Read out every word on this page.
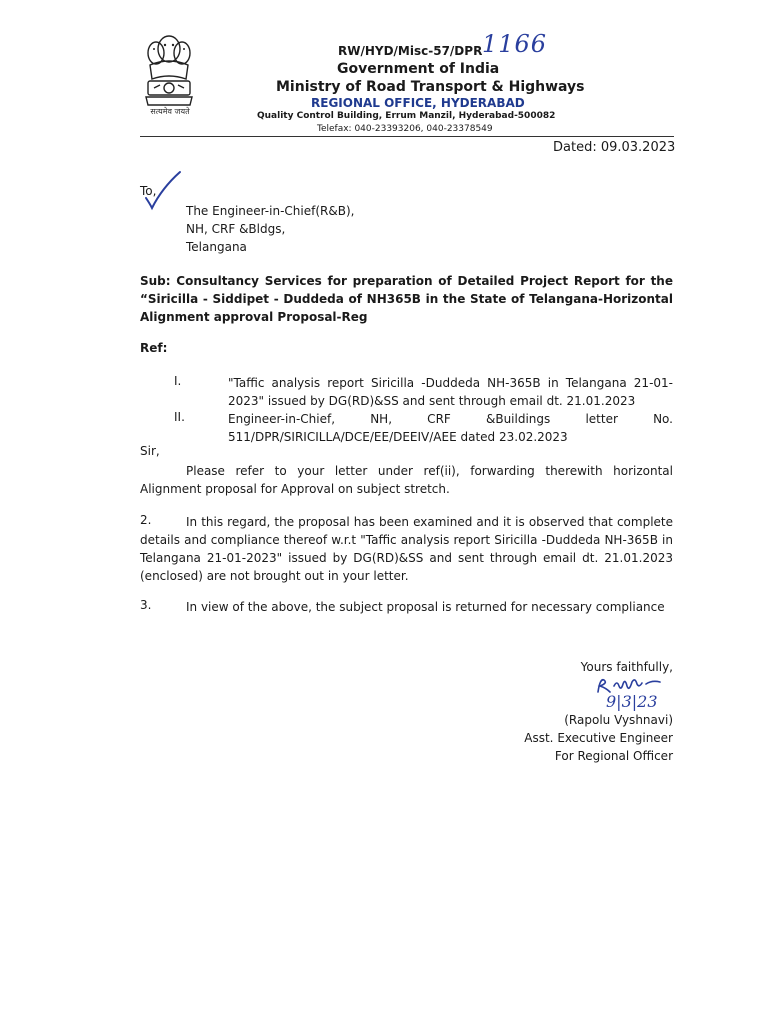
सत्यमेव जयते
RW/HYD/Misc-57/DPR 1166
Government of India
Ministry of Road Transport & Highways
REGIONAL OFFICE, HYDERABAD
Quality Control Building, Errum Manzil, Hyderabad-500082
Telefax: 040-23393206, 040-23378549
Dated: 09.03.2023
To,
The Engineer-in-Chief(R&B),
NH, CRF &Bldgs,
Telangana
Sub: Consultancy Services for preparation of Detailed Project Report for the “Siricilla - Siddipet - Duddeda of NH365B in the State of Telangana-Horizontal Alignment approval Proposal-Reg
Ref:
I.	"Taffic analysis report Siricilla -Duddeda NH-365B in Telangana 21-01-2023" issued by DG(RD)&SS and sent through email dt. 21.01.2023
II.	Engineer-in-Chief, NH, CRF &Buildings letter No. 511/DPR/SIRICILLA/DCE/EE/DEEIV/AEE dated 23.02.2023
Sir,
Please refer to your letter under ref(ii), forwarding therewith horizontal Alignment proposal for Approval on subject stretch.
2.	In this regard, the proposal has been examined and it is observed that complete details and compliance thereof w.r.t "Taffic analysis report Siricilla -Duddeda NH-365B in Telangana 21-01-2023" issued by DG(RD)&SS and sent through email dt. 21.01.2023 (enclosed) are not brought out in your letter.
3.	In view of the above, the subject proposal is returned for necessary compliance
Yours faithfully,
9|3|23
(Rapolu Vyshnavi)
Asst. Executive Engineer
For Regional Officer
